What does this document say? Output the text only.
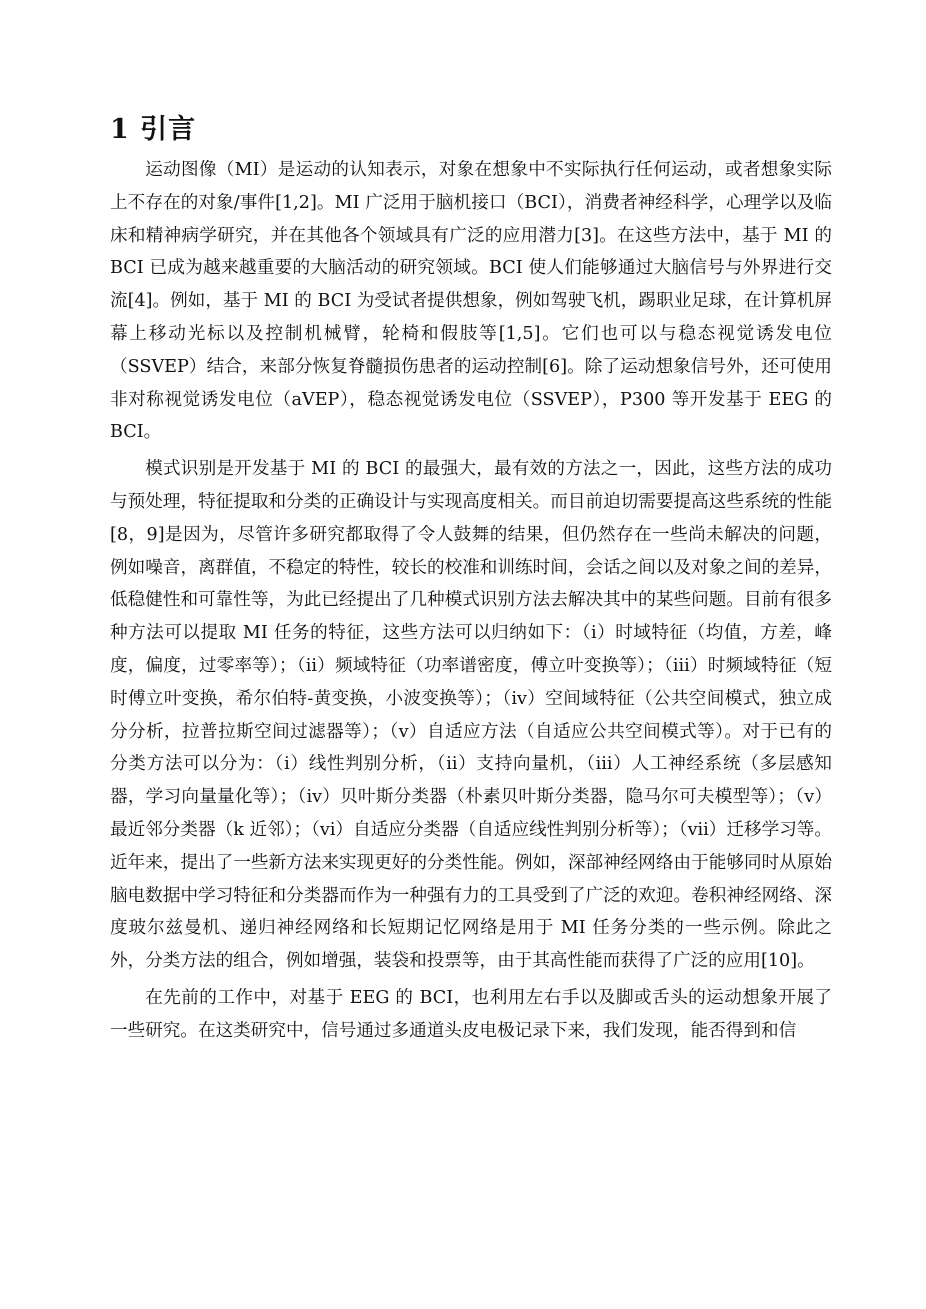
1 引言

运动图像（MI）是运动的认知表示，对象在想象中不实际执行任何运动，或者想象实际上不存在的对象/事件[1,2]。MI 广泛用于脑机接口（BCI），消费者神经科学，心理学以及临床和精神病学研究，并在其他各个领域具有广泛的应用潜力[3]。在这些方法中，基于 MI 的 BCI 已成为越来越重要的大脑活动的研究领域。BCI 使人们能够通过大脑信号与外界进行交流[4]。例如，基于 MI 的 BCI 为受试者提供想象，例如驾驶飞机，踢职业足球，在计算机屏幕上移动光标以及控制机械臂，轮椅和假肢等[1,5]。它们也可以与稳态视觉诱发电位（SSVEP）结合，来部分恢复脊髓损伤患者的运动控制[6]。除了运动想象信号外，还可使用非对称视觉诱发电位（aVEP），稳态视觉诱发电位（SSVEP），P300 等开发基于 EEG 的 BCI。

模式识别是开发基于 MI 的 BCI 的最强大，最有效的方法之一，因此，这些方法的成功与预处理，特征提取和分类的正确设计与实现高度相关。而目前迫切需要提高这些系统的性能[8，9]是因为，尽管许多研究都取得了令人鼓舞的结果，但仍然存在一些尚未解决的问题，例如噪音，离群值，不稳定的特性，较长的校准和训练时间，会话之间以及对象之间的差异，低稳健性和可靠性等，为此已经提出了几种模式识别方法去解决其中的某些问题。目前有很多种方法可以提取 MI 任务的特征，这些方法可以归纳如下：（i）时域特征（均值，方差，峰度，偏度，过零率等）；（ii）频域特征（功率谱密度，傅立叶变换等）；（iii）时频域特征（短时傅立叶变换，希尔伯特-黄变换，小波变换等）；（iv）空间域特征（公共空间模式，独立成分分析，拉普拉斯空间过滤器等）；（v）自适应方法（自适应公共空间模式等）。对于已有的分类方法可以分为：（i）线性判别分析，（ii）支持向量机，（iii）人工神经系统（多层感知器，学习向量量化等）；（iv）贝叶斯分类器（朴素贝叶斯分类器，隐马尔可夫模型等）；（v）最近邻分类器（k 近邻）；（vi）自适应分类器（自适应线性判别分析等）；（vii）迁移学习等。近年来，提出了一些新方法来实现更好的分类性能。例如，深部神经网络由于能够同时从原始脑电数据中学习特征和分类器而作为一种强有力的工具受到了广泛的欢迎。卷积神经网络、深度玻尔兹曼机、递归神经网络和长短期记忆网络是用于 MI 任务分类的一些示例。除此之外，分类方法的组合，例如增强，装袋和投票等，由于其高性能而获得了广泛的应用[10]。

在先前的工作中，对基于 EEG 的 BCI，也利用左右手以及脚或舌头的运动想象开展了一些研究。在这类研究中，信号通过多通道头皮电极记录下来，我们发现，能否得到和信
